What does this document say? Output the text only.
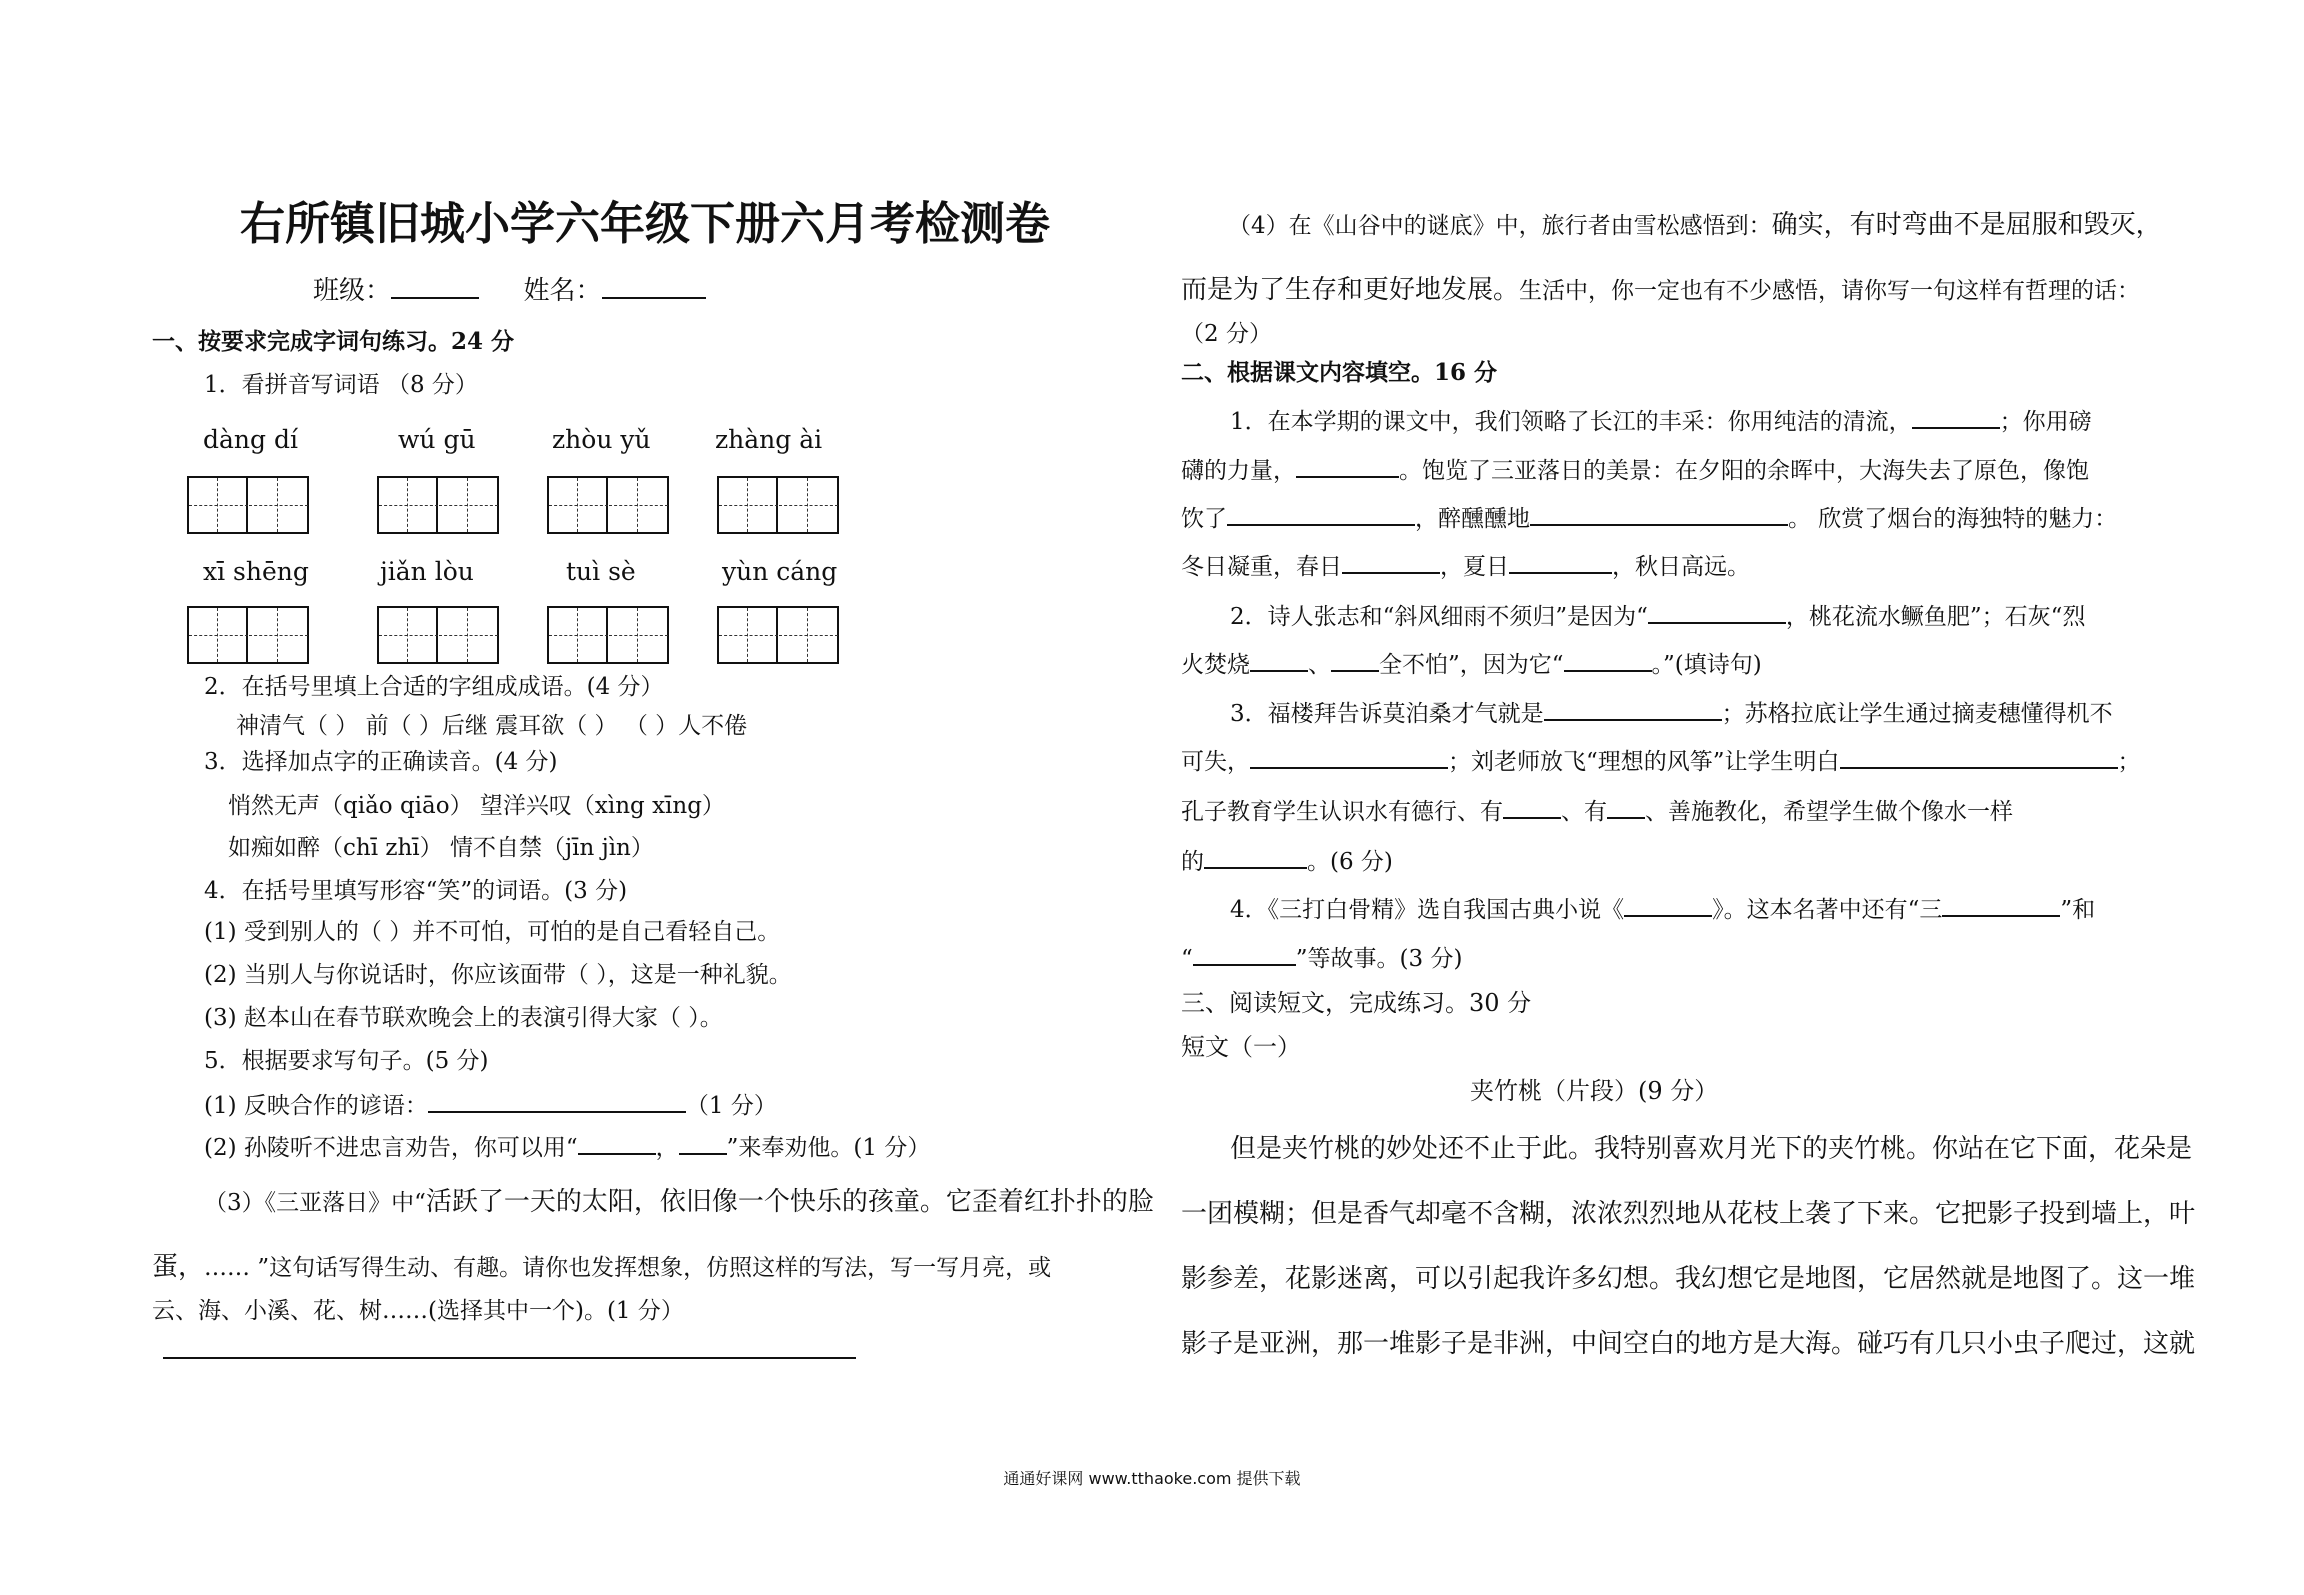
右所镇旧城小学六年级下册六月考检测卷
班级：	姓名：
一、按要求完成字词句练习。24 分
1．看拼音写词语 （8 分）
dàng dí	wú gū	zhòu yǔ	zhàng ài
xī shēng	jiǎn lòu	tuì sè	yùn cáng
2．在括号里填上合适的字组成成语。(4 分）
神清气（ ） 前（ ）后继 震耳欲（ ） （ ）人不倦
3．选择加点字的正确读音。(4 分)
悄然无声（qiǎo qiāo） 望洋兴叹（xìng xīng）
如痴如醉（chī zhī） 情不自禁（jīn jìn）
4．在括号里填写形容“笑”的词语。(3 分)
(1) 受到别人的（ ）并不可怕，可怕的是自己看轻自己。
(2) 当别人与你说话时，你应该面带（ ），这是一种礼貌。
(3) 赵本山在春节联欢晚会上的表演引得大家（ ）。
5．根据要求写句子。(5 分)
(1) 反映合作的谚语：	（1 分）
(2) 孙陵听不进忠言劝告，你可以用“	， ”来奉劝他。(1 分）
（3）《三亚落日》中“活跃了一天的太阳，依旧像一个快乐的孩童。它歪着红扑扑的脸
蛋，…… ”这句话写得生动、有趣。请你也发挥想象，仿照这样的写法，写一写月亮，或
云、海、小溪、花、树……(选择其中一个)。(1 分）
（4）在《山谷中的谜底》中，旅行者由雪松感悟到：确实，有时弯曲不是屈服和毁灭，
而是为了生存和更好地发展。生活中，你一定也有不少感悟，请你写一句这样有哲理的话：
（2 分）
二、根据课文内容填空。16 分
1．在本学期的课文中，我们领略了长江的丰采：你用纯洁的清流，	；你用磅
礴的力量，	。饱览了三亚落日的美景：在夕阳的余晖中，大海失去了原色，像饱
饮了	，醉醺醺地	。 欣赏了烟台的海独特的魅力：
冬日凝重，春日	，夏日	，秋日高远。
2．诗人张志和“斜风细雨不须归”是因为“	，桃花流水鳜鱼肥”；石灰“烈
火焚烧	、 全不怕”，因为它“	。”(填诗句)
3．福楼拜告诉莫泊桑才气就是	；苏格拉底让学生通过摘麦穗懂得机不
可失，	；刘老师放飞“理想的风筝”让学生明白	；
孔子教育学生认识水有德行、有	、有 、善施教化，希望学生做个像水一样
的	。(6 分)
4．《三打白骨精》选自我国古典小说《	》。这本名著中还有“三	”和
“	”等故事。(3 分)
三、阅读短文，完成练习。30 分
短文（一）
夹竹桃（片段）(9 分）
但是夹竹桃的妙处还不止于此。我特别喜欢月光下的夹竹桃。你站在它下面，花朵是
一团模糊；但是香气却毫不含糊，浓浓烈烈地从花枝上袭了下来。它把影子投到墙上，叶
影参差，花影迷离，可以引起我许多幻想。我幻想它是地图，它居然就是地图了。这一堆
影子是亚洲，那一堆影子是非洲，中间空白的地方是大海。碰巧有几只小虫子爬过，这就
通通好课网 www.tthaoke.com 提供下载
